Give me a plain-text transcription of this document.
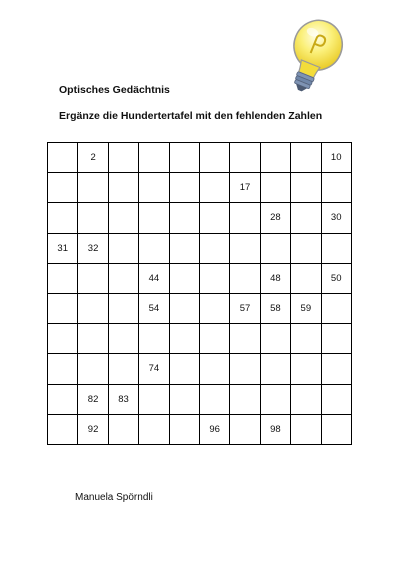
Optisches Gedächtnis

Ergänze die Hundertertafel mit den fehlenden Zahlen

	2								10
						17			
							28		30
31	32								
			44				48		50
			54			57	58	59	

			74						
	82	83							
	92				96		98		
Manuela Spörndli
